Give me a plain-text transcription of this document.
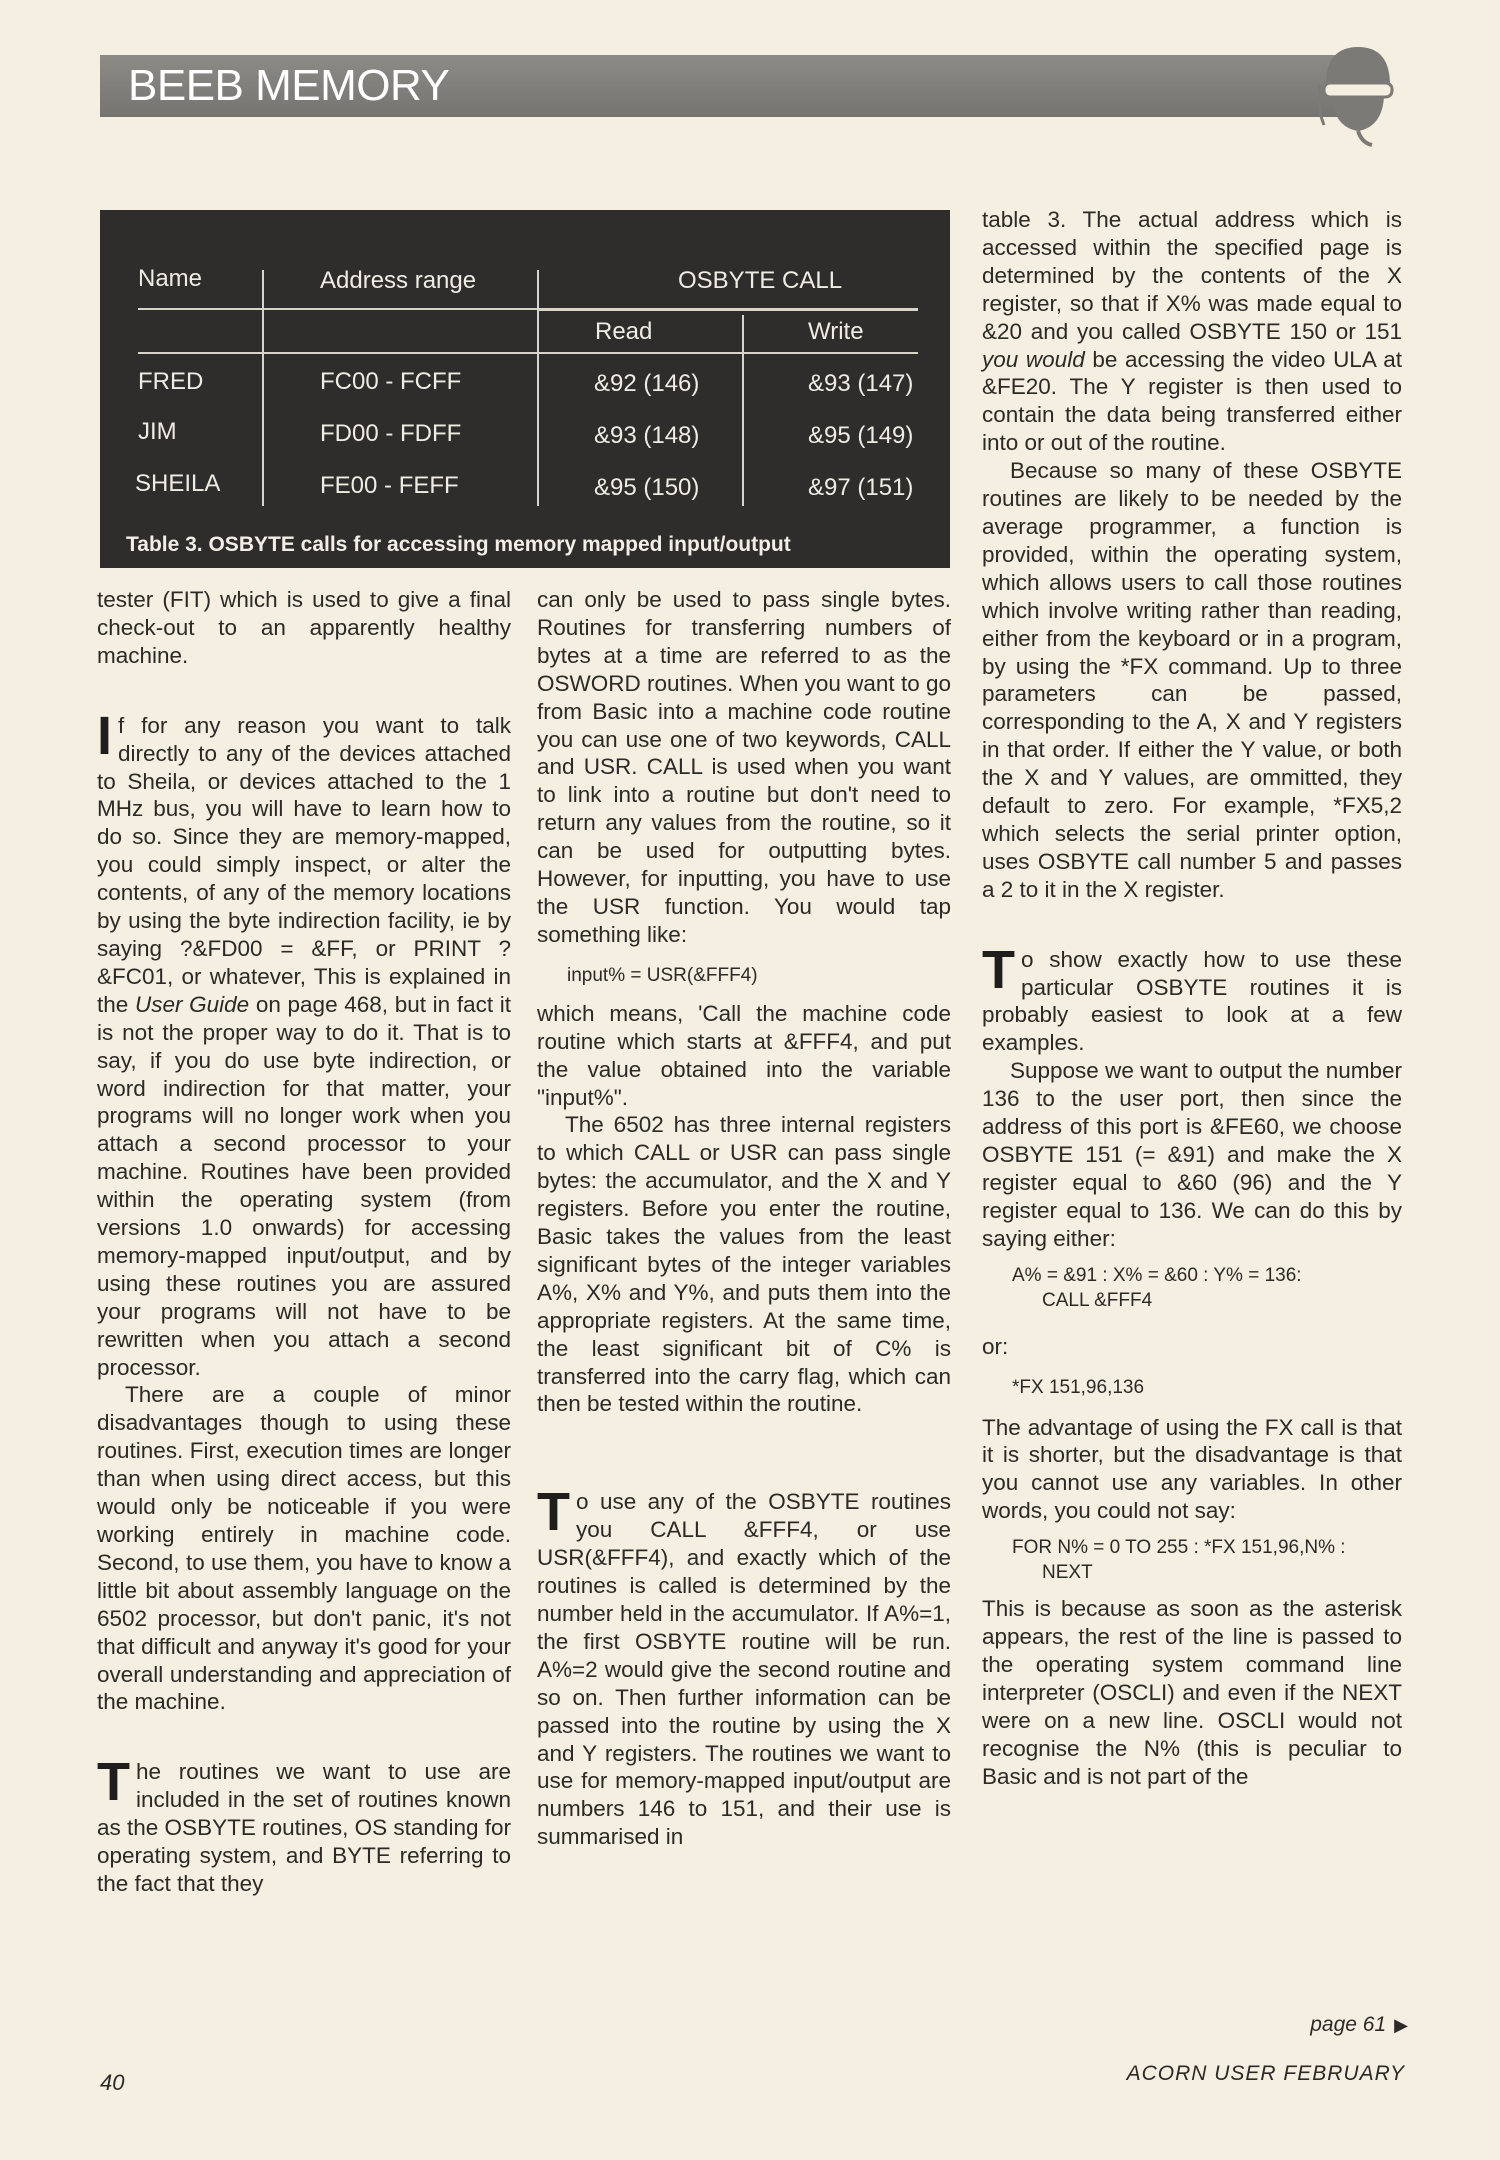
BEEB MEMORY
Name	Address range	OSBYTE CALL
Read	Write
FRED	FC00 - FCFF	&92 (146)	&93 (147)
JIM	FD00 - FDFF	&93 (148)	&95 (149)
SHEILA	FE00 - FEFF	&95 (150)	&97 (151)
Table 3. OSBYTE calls for accessing memory mapped input/output

tester (FIT) which is used to give a final check-out to an apparently healthy machine.

If for any reason you want to talk directly to any of the devices attached to Sheila, or devices attached to the 1 MHz bus, you will have to learn how to do so. Since they are memory-mapped, you could simply inspect, or alter the contents, of any of the memory locations by using the byte indirection facility, ie by saying ?&FD00 = &FF, or PRINT ?&FC01, or whatever, This is explained in the User Guide on page 468, but in fact it is not the proper way to do it. That is to say, if you do use byte indirection, or word indirection for that matter, your programs will no longer work when you attach a second processor to your machine. Routines have been provided within the operating system (from versions 1.0 onwards) for accessing memory-mapped input/output, and by using these routines you are assured your programs will not have to be rewritten when you attach a second processor.

There are a couple of minor disadvantages though to using these routines. First, execution times are longer than when using direct access, but this would only be noticeable if you were working entirely in machine code. Second, to use them, you have to know a little bit about assembly language on the 6502 processor, but don't panic, it's not that difficult and anyway it's good for your overall understanding and appreciation of the machine.

The routines we want to use are included in the set of routines known as the OSBYTE routines, OS standing for operating system, and BYTE referring to the fact that they

can only be used to pass single bytes. Routines for transferring numbers of bytes at a time are referred to as the OSWORD routines. When you want to go from Basic into a machine code routine you can use one of two keywords, CALL and USR. CALL is used when you want to link into a routine but don't need to return any values from the routine, so it can be used for outputting bytes. However, for inputting, you have to use the USR function. You would tap something like:

input% = USR(&FFF4)

which means, 'Call the machine code routine which starts at &FFF4, and put the value obtained into the variable "input%".

The 6502 has three internal registers to which CALL or USR can pass single bytes: the accumulator, and the X and Y registers. Before you enter the routine, Basic takes the values from the least significant bytes of the integer variables A%, X% and Y%, and puts them into the appropriate registers. At the same time, the least significant bit of C% is transferred into the carry flag, which can then be tested within the routine.

To use any of the OSBYTE routines you CALL &FFF4, or use USR(&FFF4), and exactly which of the routines is called is determined by the number held in the accumulator. If A%=1, the first OSBYTE routine will be run. A%=2 would give the second routine and so on. Then further information can be passed into the routine by using the X and Y registers. The routines we want to use for memory-mapped input/output are numbers 146 to 151, and their use is summarised in

table 3. The actual address which is accessed within the specified page is determined by the contents of the X register, so that if X% was made equal to &20 and you called OSBYTE 150 or 151 you would be accessing the video ULA at &FE20. The Y register is then used to contain the data being transferred either into or out of the routine.

Because so many of these OSBYTE routines are likely to be needed by the average programmer, a function is provided, within the operating system, which allows users to call those routines which involve writing rather than reading, either from the keyboard or in a program, by using the *FX command. Up to three parameters can be passed, corresponding to the A, X and Y registers in that order. If either the Y value, or both the X and Y values, are ommitted, they default to zero. For example, *FX5,2 which selects the serial printer option, uses OSBYTE call number 5 and passes a 2 to it in the X register.

To show exactly how to use these particular OSBYTE routines it is probably easiest to look at a few examples.

Suppose we want to output the number 136 to the user port, then since the address of this port is &FE60, we choose OSBYTE 151 (= &91) and make the X register equal to &60 (96) and the Y register equal to 136. We can do this by saying either:

A% = &91 : X% = &60 : Y% = 136:
CALL &FFF4

or:

*FX 151,96,136

The advantage of using the FX call is that it is shorter, but the disadvantage is that you cannot use any variables. In other words, you could not say:

FOR N% = 0 TO 255 : *FX 151,96,N% :
NEXT

This is because as soon as the asterisk appears, the rest of the line is passed to the operating system command line interpreter (OSCLI) and even if the NEXT were on a new line. OSCLI would not recognise the N% (this is peculiar to Basic and is not part of the

page 61 ▶
40	ACORN USER FEBRUARY
